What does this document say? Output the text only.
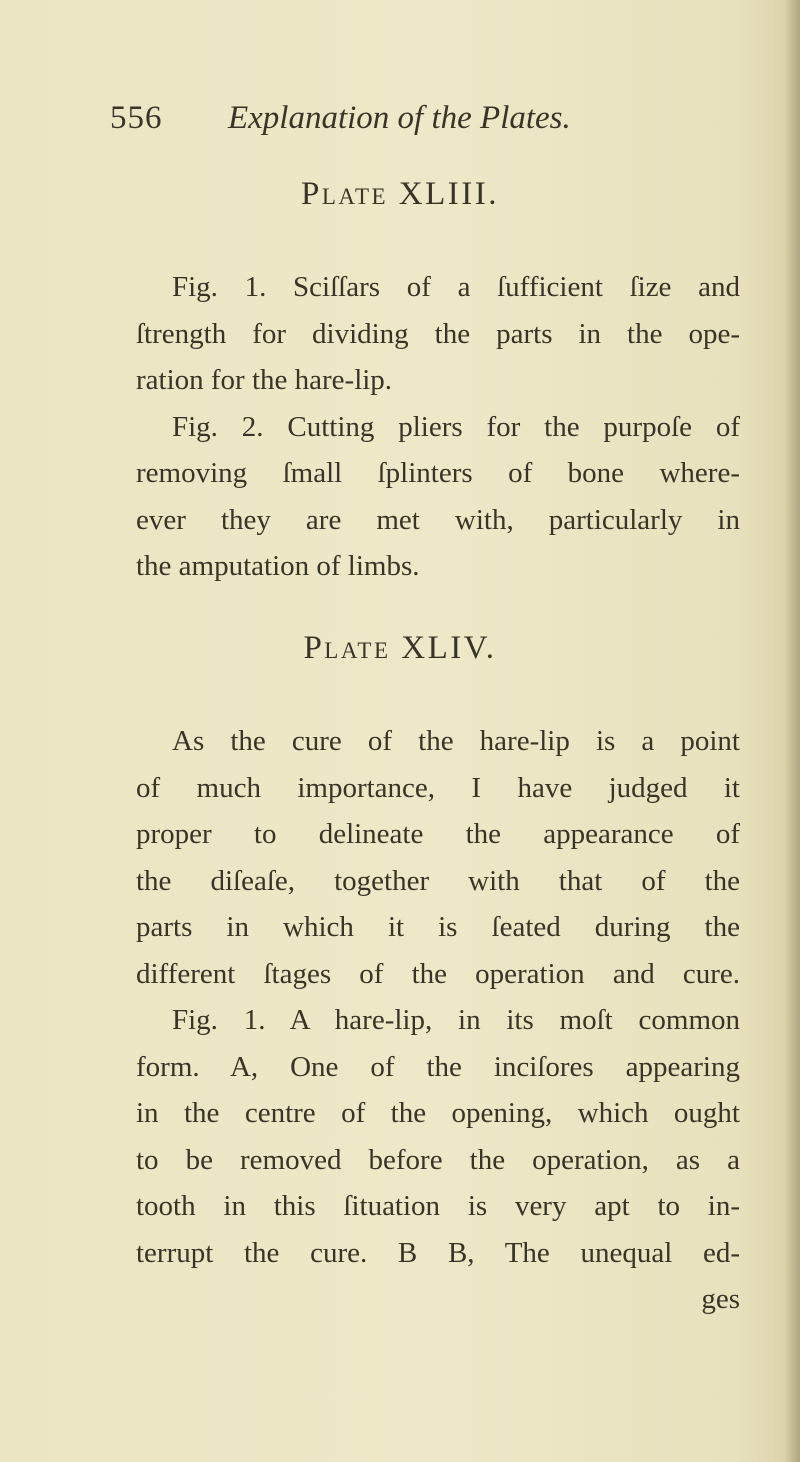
556 Explanation of the Plates.
Plate XLIII.
Fig. 1. Sciſſars of a ſufficient ſize and
ſtrength for dividing the parts in the ope-
ration for the hare-lip.
Fig. 2. Cutting pliers for the purpoſe of
removing ſmall ſplinters of bone where-
ever they are met with, particularly in
the amputation of limbs.
Plate XLIV.
As the cure of the hare-lip is a point
of much importance, I have judged it
proper to delineate the appearance of
the diſeaſe, together with that of the
parts in which it is ſeated during the
different ſtages of the operation and cure.
Fig. 1. A hare-lip, in its moſt common
form. A, One of the inciſores appearing
in the centre of the opening, which ought
to be removed before the operation, as a
tooth in this ſituation is very apt to in-
terrupt the cure. B B, The unequal ed-
ges
